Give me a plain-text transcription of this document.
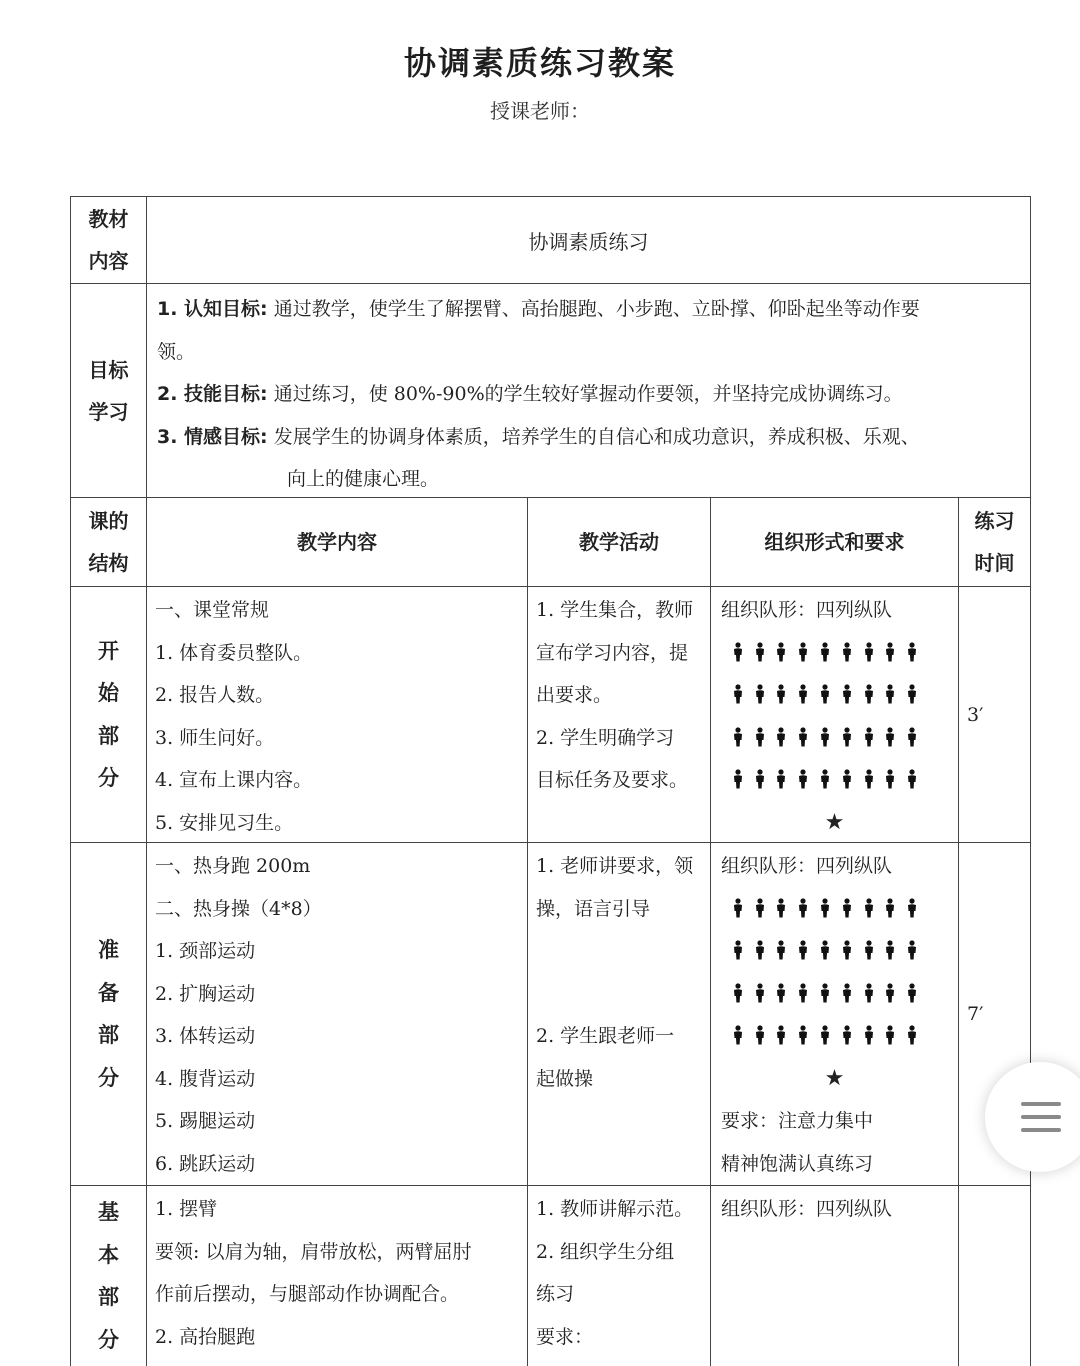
协调素质练习教案
授课老师：
教材
内容
协调素质练习
目标
学习
1. 认知目标: 通过教学，使学生了解摆臂、高抬腿跑、小步跑、立卧撑、仰卧起坐等动作要
领。
2. 技能目标: 通过练习，使 80%-90%的学生较好掌握动作要领，并坚持完成协调练习。
3. 情感目标: 发展学生的协调身体素质，培养学生的自信心和成功意识，养成积极、乐观、
向上的健康心理。
课的
结构
教学内容	教学活动	组织形式和要求
练习
时间
开
始
部
分
一、课堂常规
1. 体育委员整队。
2. 报告人数。
3. 师生问好。
4. 宣布上课内容。
5. 安排见习生。
1. 学生集合，教师
宣布学习内容，提
出要求。
2. 学生明确学习
目标任务及要求。
组织队形：四列纵队
★
3′
准
备
部
分
一、热身跑 200m
二、热身操（4*8）
1. 颈部运动
2. 扩胸运动
3. 体转运动
4. 腹背运动
5. 踢腿运动
6. 跳跃运动
1. 老师讲要求，领
操，语言引导
2. 学生跟老师一
起做操
组织队形：四列纵队
★
要求：注意力集中
精神饱满认真练习
7′
基
本
部
分
1. 摆臂
要领: 以肩为轴，肩带放松，两臂屈肘
作前后摆动，与腿部动作协调配合。
2. 高抬腿跑
1. 教师讲解示范。
2. 组织学生分组
练习
要求：
组织队形：四列纵队
